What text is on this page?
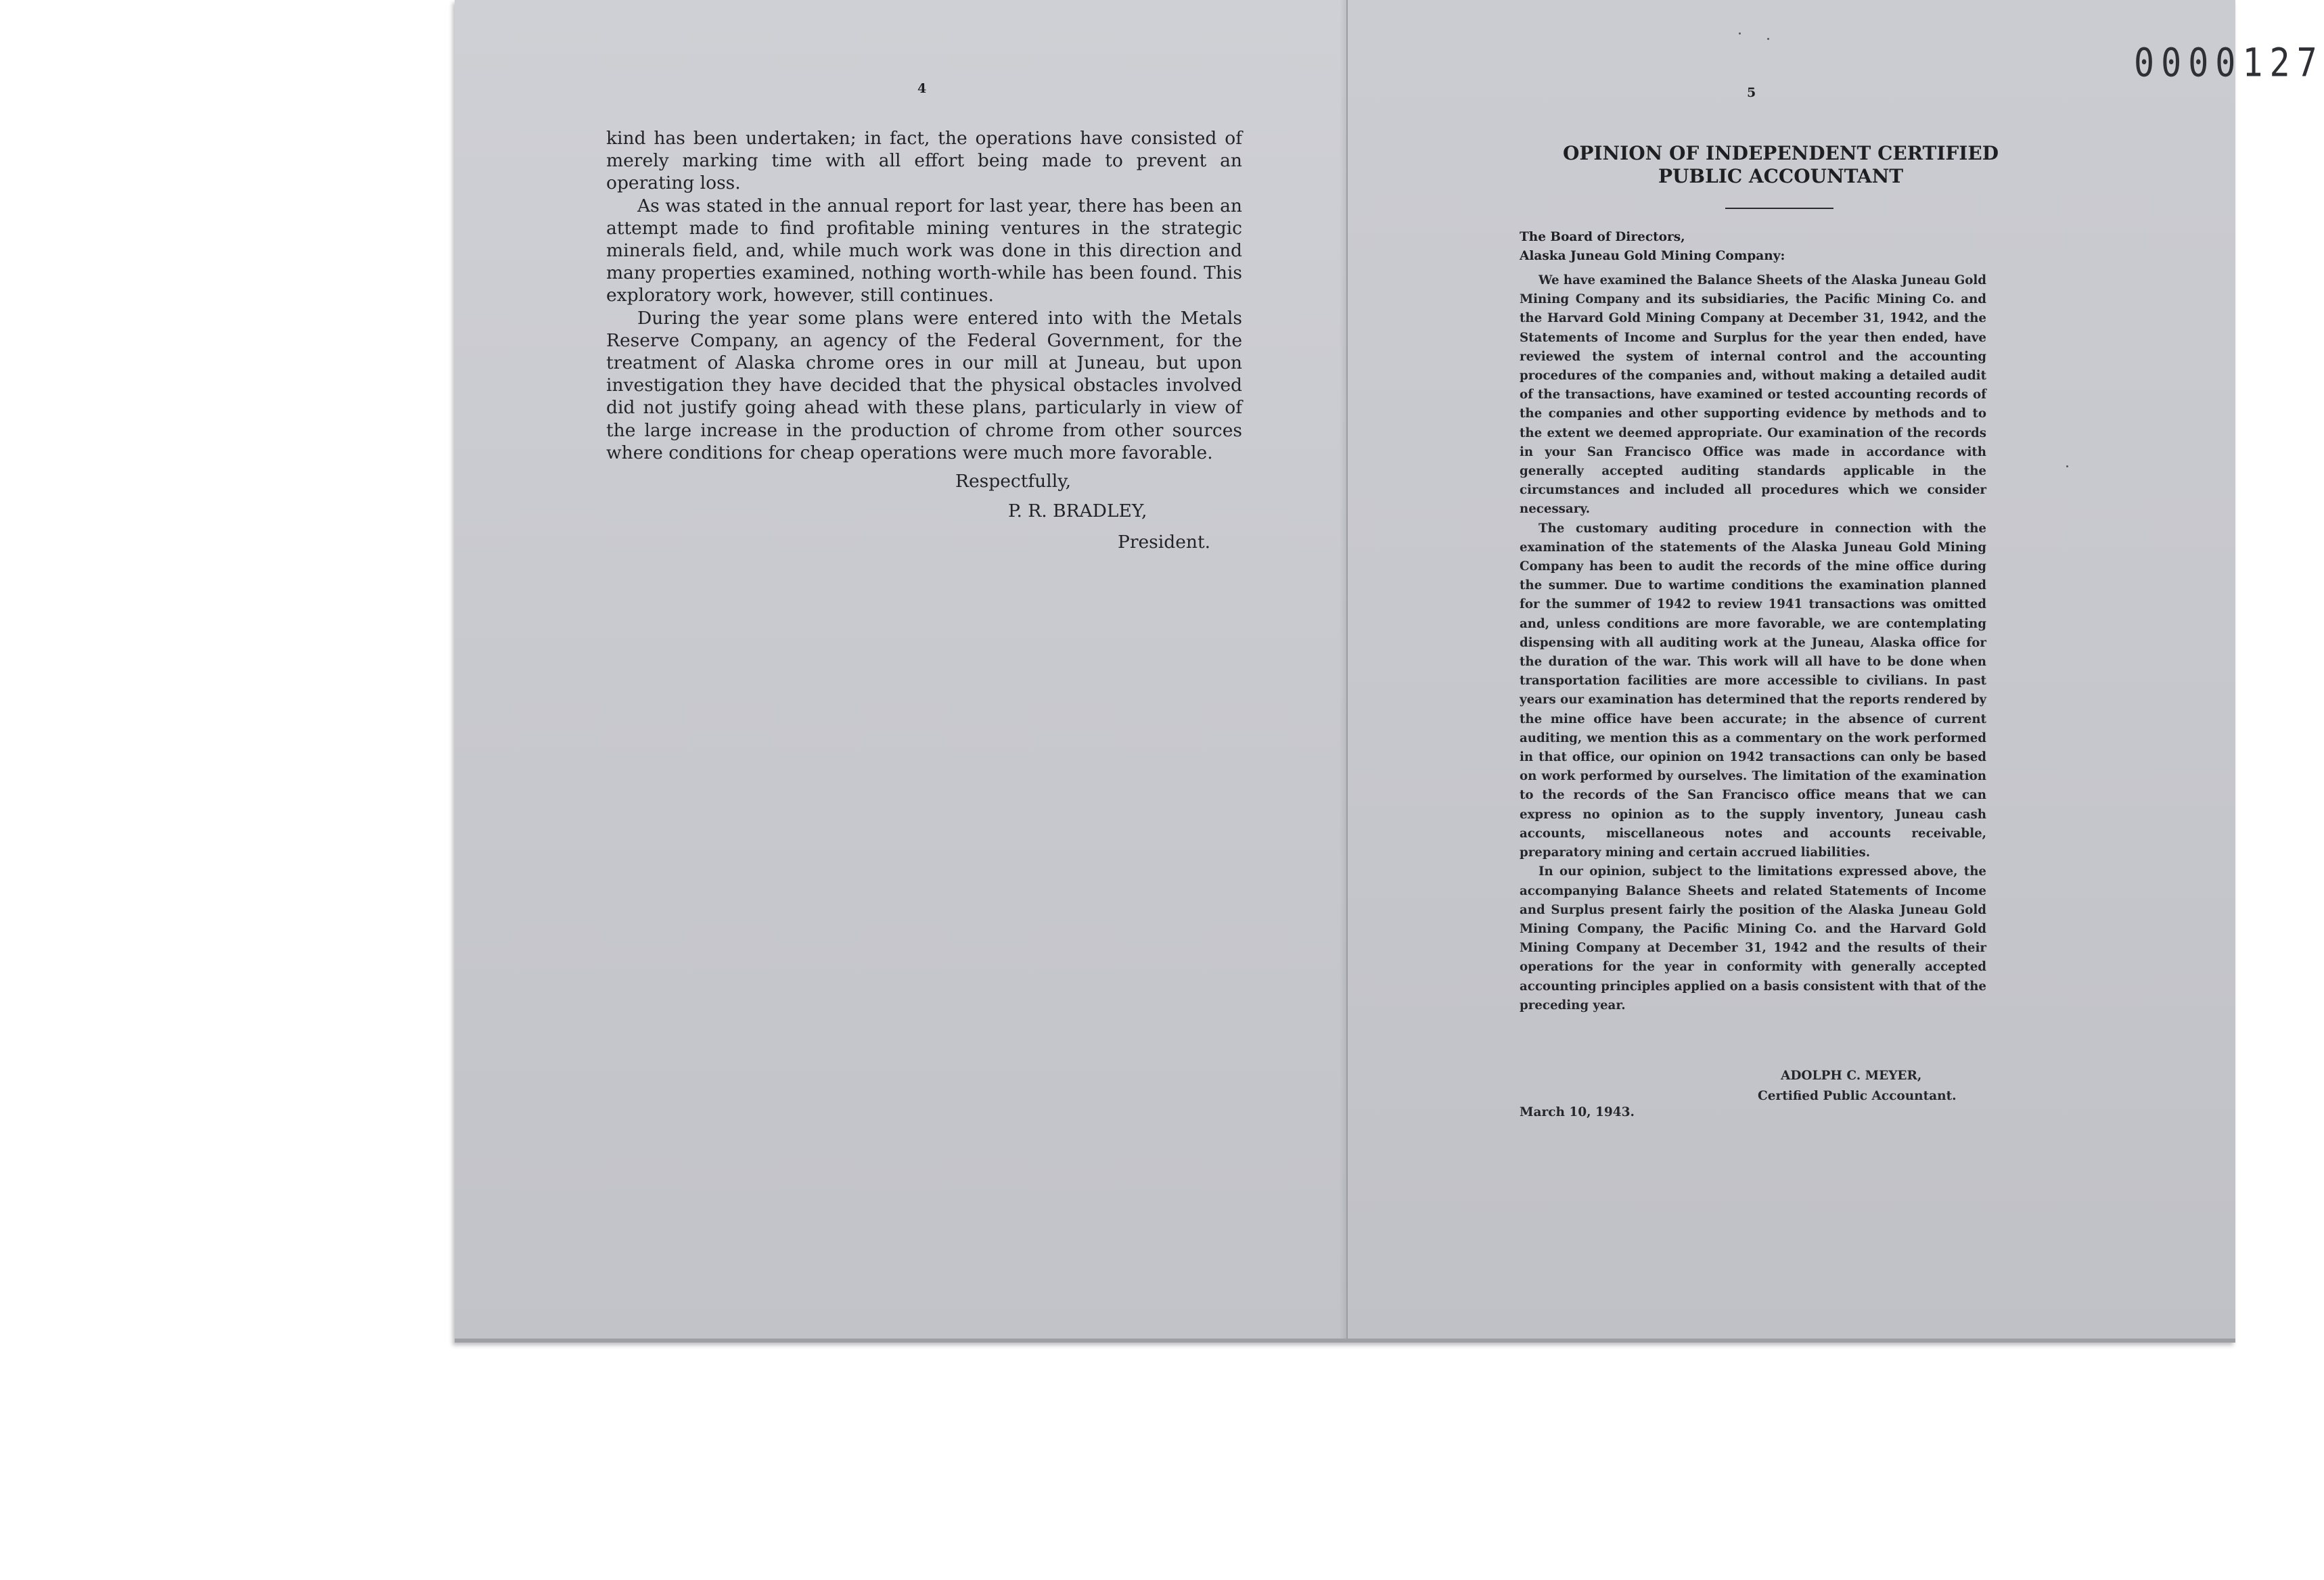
4

kind has been undertaken; in fact, the operations have consisted of merely marking time with all effort being made to prevent an operating loss.

As was stated in the annual report for last year, there has been an attempt made to find profitable mining ventures in the strategic minerals field, and, while much work was done in this direction and many properties examined, nothing worth-while has been found. This exploratory work, however, still continues.

During the year some plans were entered into with the Metals Reserve Company, an agency of the Federal Government, for the treatment of Alaska chrome ores in our mill at Juneau, but upon investigation they have decided that the physical obstacles involved did not justify going ahead with these plans, particularly in view of the large increase in the production of chrome from other sources where conditions for cheap operations were much more favorable.

Respectfully,
P. R. BRADLEY,
President.
0000127
5
OPINION OF INDEPENDENT CERTIFIED
PUBLIC ACCOUNTANT
The Board of Directors,
Alaska Juneau Gold Mining Company:

We have examined the Balance Sheets of the Alaska Juneau Gold Mining Company and its subsidiaries, the Pacific Mining Co. and the Harvard Gold Mining Company at December 31, 1942, and the Statements of Income and Surplus for the year then ended, have reviewed the system of internal control and the accounting procedures of the companies and, without making a detailed audit of the transactions, have examined or tested accounting records of the companies and other supporting evidence by methods and to the extent we deemed appropriate. Our examination of the records in your San Francisco Office was made in accordance with generally accepted auditing standards applicable in the circumstances and included all procedures which we consider necessary.

The customary auditing procedure in connection with the examination of the statements of the Alaska Juneau Gold Mining Company has been to audit the records of the mine office during the summer. Due to wartime conditions the examination planned for the summer of 1942 to review 1941 transactions was omitted and, unless conditions are more favorable, we are contemplating dispensing with all auditing work at the Juneau, Alaska office for the duration of the war. This work will all have to be done when transportation facilities are more accessible to civilians. In past years our examination has determined that the reports rendered by the mine office have been accurate; in the absence of current auditing, we mention this as a commentary on the work performed in that office, our opinion on 1942 transactions can only be based on work performed by ourselves. The limitation of the examination to the records of the San Francisco office means that we can express no opinion as to the supply inventory, Juneau cash accounts, miscellaneous notes and accounts receivable, preparatory mining and certain accrued liabilities.

In our opinion, subject to the limitations expressed above, the accompanying Balance Sheets and related Statements of Income and Surplus present fairly the position of the Alaska Juneau Gold Mining Company, the Pacific Mining Co. and the Harvard Gold Mining Company at December 31, 1942 and the results of their operations for the year in conformity with generally accepted accounting principles applied on a basis consistent with that of the preceding year.

ADOLPH C. MEYER,
Certified Public Accountant.
March 10, 1943.
